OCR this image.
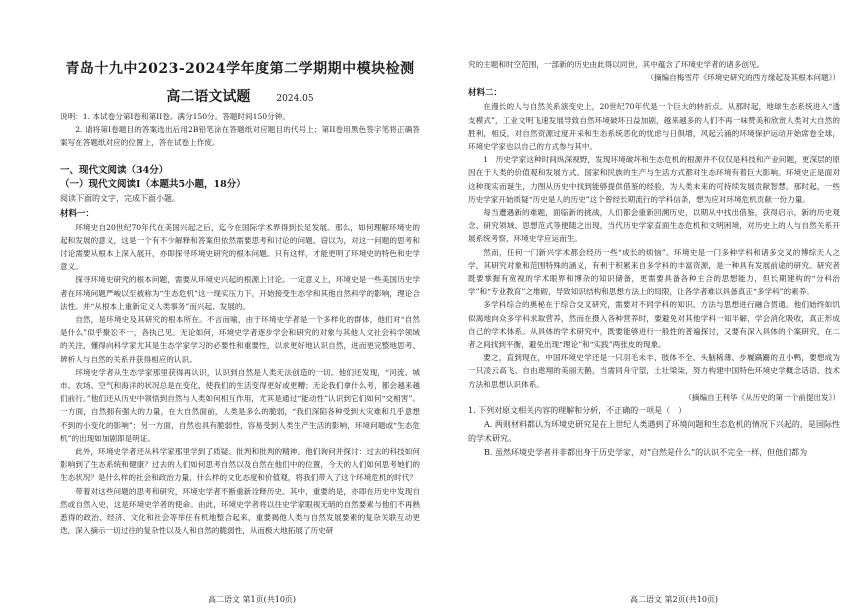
青岛十九中2023-2024学年度第二学期期中模块检测
高二语文试题	2024.05

说明：1. 本试卷分第I卷和第II卷。满分150分。答题时间150分钟。

2. 请将第I卷题目的答案选出后用2B铅笔涂在答题纸对应题目的代号上；第II卷用黑色签字笔将正确答案写在答题纸对应的位置上，答在试卷上作废。

一、现代文阅读（34分）
（一）现代文阅读I（本题共5小题，18分）
阅读下面的文字，完成下面小题。
材料一：

环境史自20世纪70年代在美国兴起之后，迄今在国际学术界得到长足发展。那么，如何理解环境史的起和发展的意义，这是一个有不少解释和答案但依然需要思考和讨论的问题。窃以为，对这一问题的思考和讨论需要从根本上深入展开，亦即探寻环境史研究的根本问题。只有这样，才能更明了环境史的特色和史学意义。

探寻环境史研究的根本问题，需要从环境史兴起的根源上讨论。一定意义上，环境史是一些美国历史学者在环境问题严峻以至被称为“生态危机”这一现实压力下，开始接受生态学和其他自然科学的影响，理论合法性。并“从根本上重新定义人类事务”而兴起、发展的。

自然，是环境史及其研究的根本所在。不言而喻，由于环境史学者是一个多样化的群体，他们对“自然是什么”似乎聚讼不一，各执己见。无论如何，环境史学者逐步学会和研究的对象与其他人文社会科学领域的关注，懂得向科学家尤其是生态学家学习的必要性和重要性，以求更好地认识自然，进而更完整地思考、辨析人与自然的关系并获得相应的认识。

环境史学者从生态学家那里获得再认识，认识到自然是人类无法创造的一切。他们还发现，“河流、城市、农场、空气和海洋的状况总是在变化，使我们的生活变得更好或更糟；无论我们拿什么考，都会越来越们前行。”他们还从历史中领悟到自然与人类如何相互作用，尤其是通过“能动性”认识到它们如何“交相害”。一方面，自然拥有强大的力量，在大自然面前，人类是多么的脆弱，“我们深陷各种受到大灾难和几乎意想不到的小变化的影响”；另一方面，自然也具有脆弱性，容易受到人类生产生活的影响，环境问题或“生态危机”的出现如加剧即是明证。

此外，环境史学者还从科学家那里学到了质疑、批判和批判的精神。他们询问并探讨：过去的科技如何影响到了生态系统和健康？过去的人们如何思考自然以及自然在他们中的位置，今天的人们如何思考她们的生态状况？是什么样的社会和政治力量，什么样的文化态度和价值观，将我们带入了这个环境危机的时代？

带着对这些问题的思考和研究，环境史学者不断重新诠释历史。其中，重要的是，亦即在历史中发现自然或自然入史，这是环境史学者的使命。由此，环境史学者将以往史学家眼视无暗的自然要素与他们不再熟悉得的政治、经济、文化和社会等举任有机地整合起来，重要揭他人类与自然发展要素的复杂关联互动更迭，深入摘示一切过往的复杂性以及人和自然的脆弱性，从而极大地拓展了历史研

高二语文 第1页(共10页)

究的主题和时空范围，一部新的历史由此得以同世，其中蕴含了环境史学者的诸多创见。

（摘编自梅雪芹《环境史研究的西方缘起及其根本问题》）

材料二：

在漫长的人与自然关系演变史上，20世纪70年代是一个巨大的转折点。从那时起，地球生态系统进入“透支模式”，工业文明飞速发展导致自然环境破坏日益加剧，越来越多的人们不再一味赞美和欣赏人类对大自然的胜利，相反，对自然资源过度开采和生态系统恶化的忧虑与日俱增，风起云涌的环境保护运动开始席卷全球，环境史学家也以自己的方式参与其中。

1　历史学家这种时间纵深视野，发现环境破坏和生态危机的根源并不仅仅是科技和产业问题，更深层的原因在于人类的价值观和发展方式。国家和民族的生产与生活方式都对生态环境有着巨大影响。环境史正是面对这种现实而诞生，力图从历史中找到能够提供借鉴的经验，为人类未来的可持续发展贡献智慧。那时起，一些历史学家开始质疑“历史是人的历史”这个曾经长期流行的学科信条，想为应对环境危机贡献一份力量。

每当遭遇新的难题，面临新的挑战，人们都会重新回溯历史，以期从中找出借鉴，获得启示，新的历史观念、研究领域、思想范式等便随之出现，当代历史学家直面生态危机和文明困境，对历史上的人与自然关系开展系统考察，环境史学应运而生。

然而，任何一门新兴学术都会经历一些“成长的烦恼”。环境史是一门多种学科和诸多交叉的博综天人之学，其研究对象和范围特殊的涵义，有利于积累来自多学科的丰富资源，是一种具有发展前途的研究。研究者既要掌握有宽视的学术眼界和博杂的知识储备，更需要具备各种主合的思想能力，但长期建构的“分科治学”和“专业教育”之堆砌，导致知识结构和思想方法上的局限，让各学者难以具备真正“多学科”的素养。

多学科综合的奥秘在于综合交叉研究，需要对不同学科的知识、方法与思想进行融合贯通。他们始终如饥似渴地向众多学科求取营养，然而在摄入各种营养时，要避免对其他学科一知半解，学会消化吸收，真正形成自己的学术体系。从具体的学术研究中，既要能够进行一般性的普遍探讨，又要有深入具体的个案研究，在二者之间找到平衡，避免出现“理论”和“实践”两张皮的现象。

要之，直到现在，中国环境史学还是一只羽毛未丰、肢体不全、头脑稀薄、步履蹒跚的丑小鸭，要想成为一只凌云高飞、自由遨翔的美丽天鹅，当需同舟守望，土壮梁柒，努力构建中国特色环境史学概念话语、技术方法和思想认识体系。

（摘编自王利华《从历史的第一个前提出发》）

1. 下列对原文相关内容的理解和分析，不正确的一项是（　）

A. 两则材料都认为环境史研究是在上世纪人类遇到了环境问题和生态危机的情况下兴起的，是国际性的学术研究。

B. 虽然环境史学者并非都出身于历史学家，对“自然是什么”的认识不完全一样，但他们都为

高二语文 第2页(共10页)
